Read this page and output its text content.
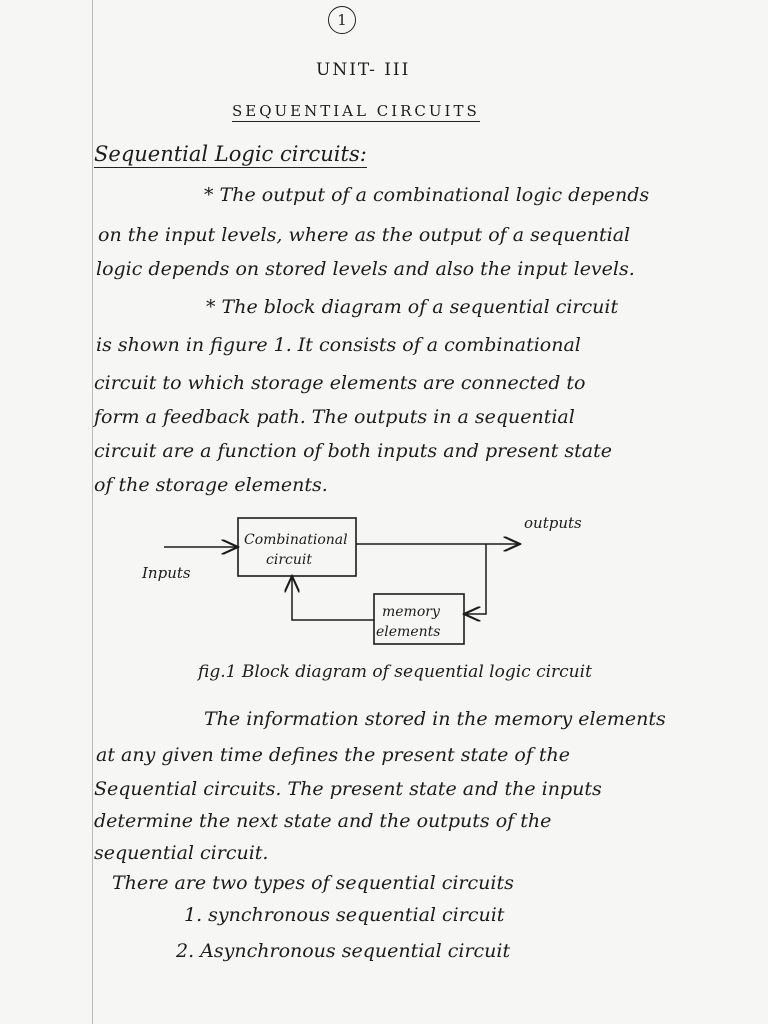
1
UNIT- III
SEQUENTIAL CIRCUITS
Sequential Logic circuits:
* The output of a combinational logic depends
on the input levels, where as the output of a sequential
logic depends on stored levels and also the input levels.
* The block diagram of a sequential circuit
is shown in figure 1. It consists of a combinational
circuit to which storage elements are connected to
form a feedback path. The outputs in a sequential
circuit are a function of both inputs and present state
of the storage elements.
Combinational
circuit
memory
elements
Inputs
outputs
fig.1 Block diagram of sequential logic circuit
The information stored in the memory elements
at any given time defines the present state of the
Sequential circuits. The present state and the inputs
determine the next state and the outputs of the
sequential circuit.
There are two types of sequential circuits
1. synchronous sequential circuit
2. Asynchronous sequential circuit
